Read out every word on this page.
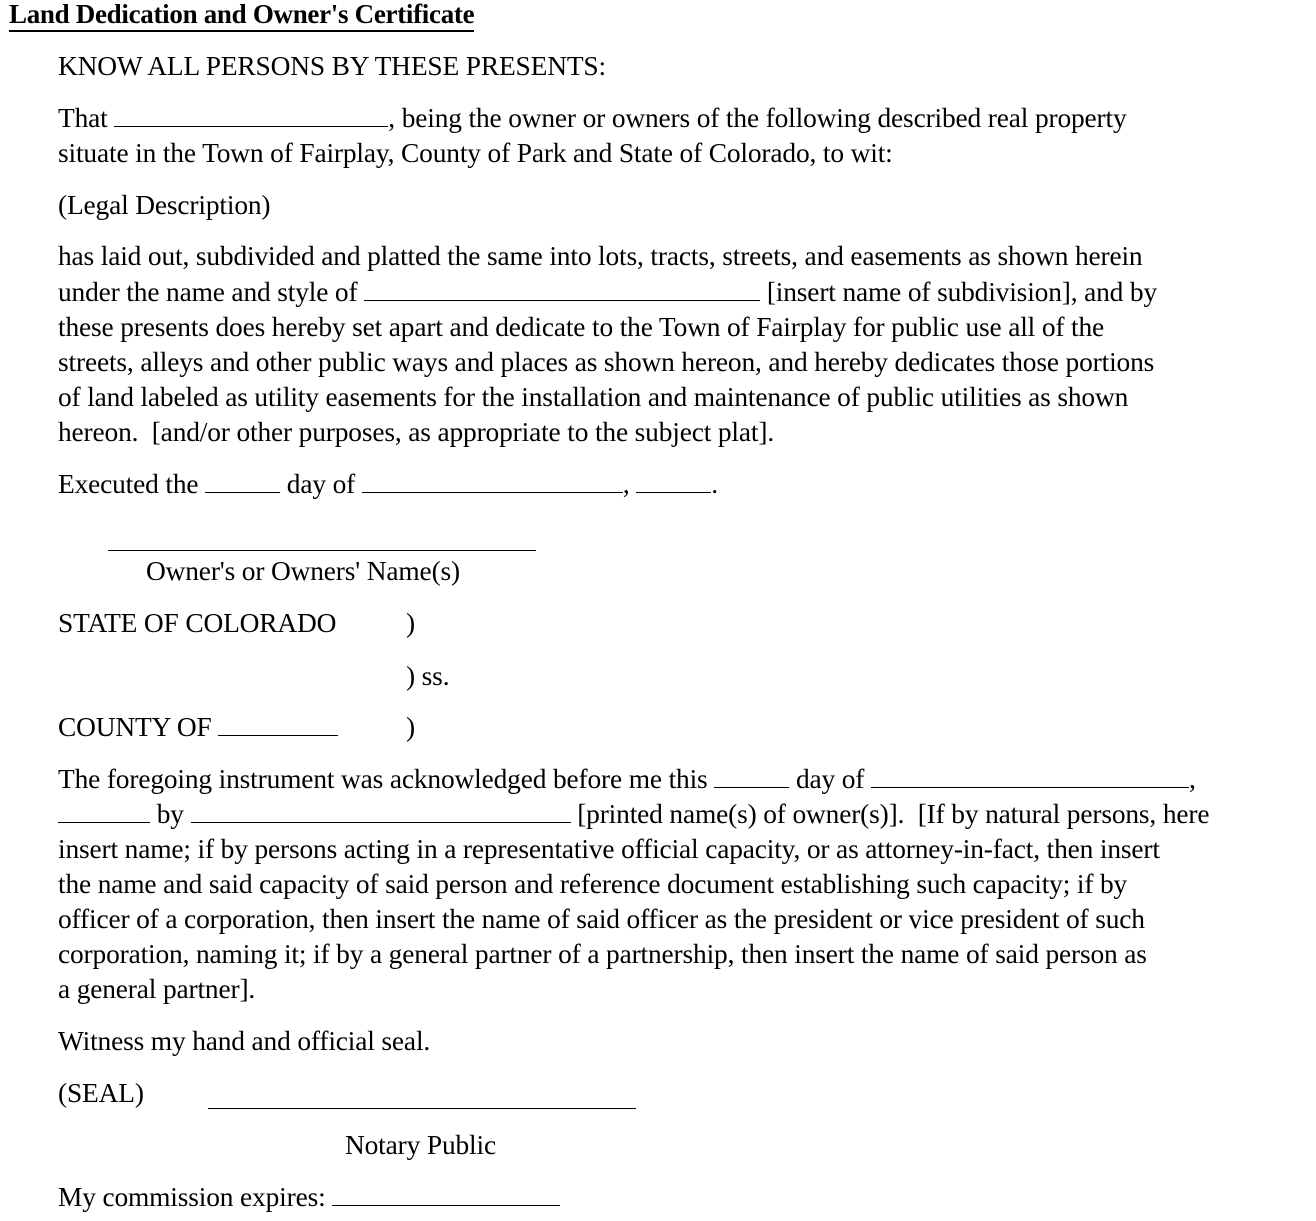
Land Dedication and Owner's Certificate
KNOW ALL PERSONS BY THESE PRESENTS:
That	, being the owner or owners of the following described real property
situate in the Town of Fairplay, County of Park and State of Colorado, to wit:
(Legal Description)
has laid out, subdivided and platted the same into lots, tracts, streets, and easements as shown herein
under the name and style of	[insert name of subdivision], and by
these presents does hereby set apart and dedicate to the Town of Fairplay for public use all of the
streets, alleys and other public ways and places as shown hereon, and hereby dedicates those portions
of land labeled as utility easements for the installation and maintenance of public utilities as shown
hereon.  [and/or other purposes, as appropriate to the subject plat].
Executed the	day of	,	.
Owner's or Owners' Name(s)
STATE OF COLORADO	)
) ss.
COUNTY OF	)
The foregoing instrument was acknowledged before me this	day of	,
by	[printed name(s) of owner(s)].  [If by natural persons, here
insert name; if by persons acting in a representative official capacity, or as attorney-in-fact, then insert
the name and said capacity of said person and reference document establishing such capacity; if by
officer of a corporation, then insert the name of said officer as the president or vice president of such
corporation, naming it; if by a general partner of a partnership, then insert the name of said person as
a general partner].
Witness my hand and official seal.
(SEAL)
Notary Public
My commission expires:
